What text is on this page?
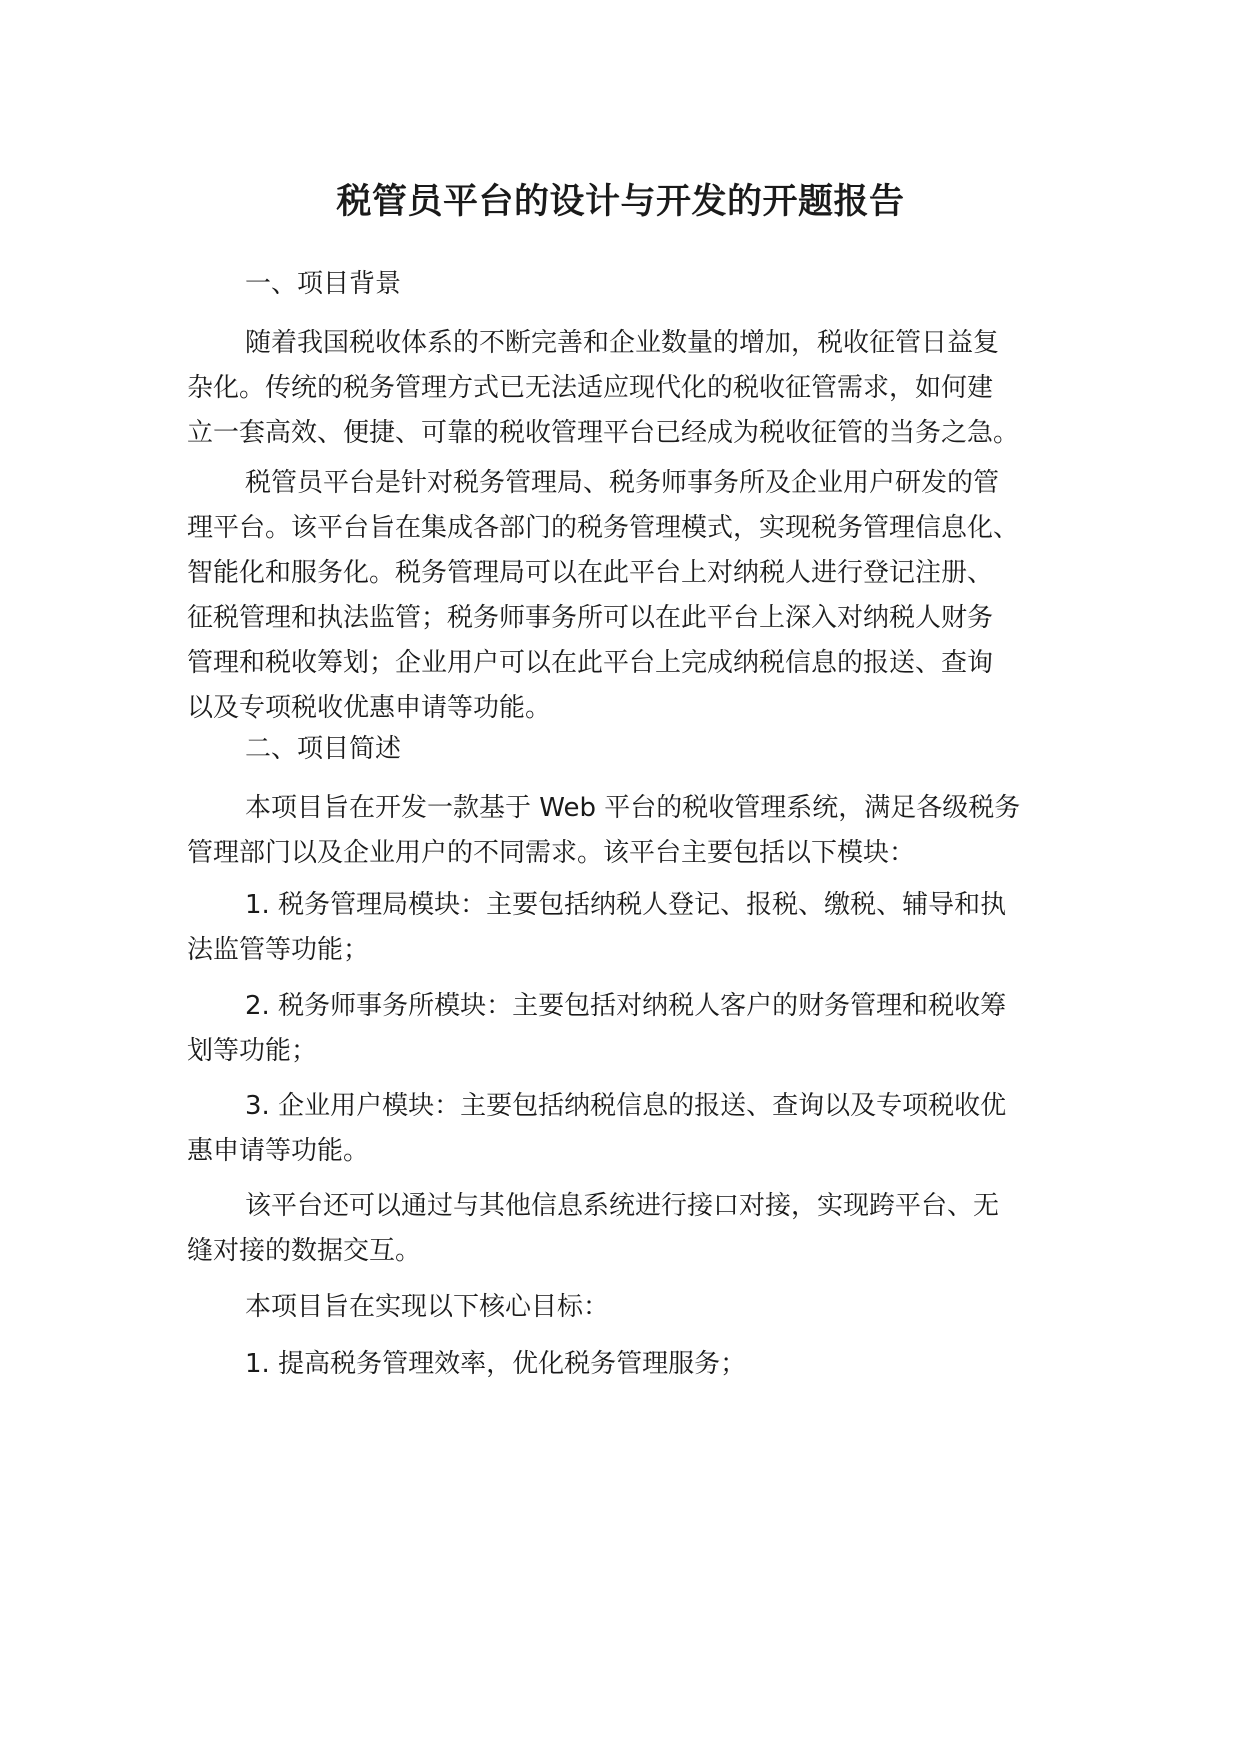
税管员平台的设计与开发的开题报告

一、项目背景

随着我国税收体系的不断完善和企业数量的增加，税收征管日益复
杂化。传统的税务管理方式已无法适应现代化的税收征管需求，如何建
立一套高效、便捷、可靠的税收管理平台已经成为税收征管的当务之急。

税管员平台是针对税务管理局、税务师事务所及企业用户研发的管
理平台。该平台旨在集成各部门的税务管理模式，实现税务管理信息化、
智能化和服务化。税务管理局可以在此平台上对纳税人进行登记注册、
征税管理和执法监管；税务师事务所可以在此平台上深入对纳税人财务
管理和税收筹划；企业用户可以在此平台上完成纳税信息的报送、查询
以及专项税收优惠申请等功能。

二、项目简述

本项目旨在开发一款基于 Web 平台的税收管理系统，满足各级税务
管理部门以及企业用户的不同需求。该平台主要包括以下模块：

1. 税务管理局模块：主要包括纳税人登记、报税、缴税、辅导和执
法监管等功能；

2. 税务师事务所模块：主要包括对纳税人客户的财务管理和税收筹
划等功能；

3. 企业用户模块：主要包括纳税信息的报送、查询以及专项税收优
惠申请等功能。

该平台还可以通过与其他信息系统进行接口对接，实现跨平台、无
缝对接的数据交互。

本项目旨在实现以下核心目标：

1. 提高税务管理效率，优化税务管理服务；
